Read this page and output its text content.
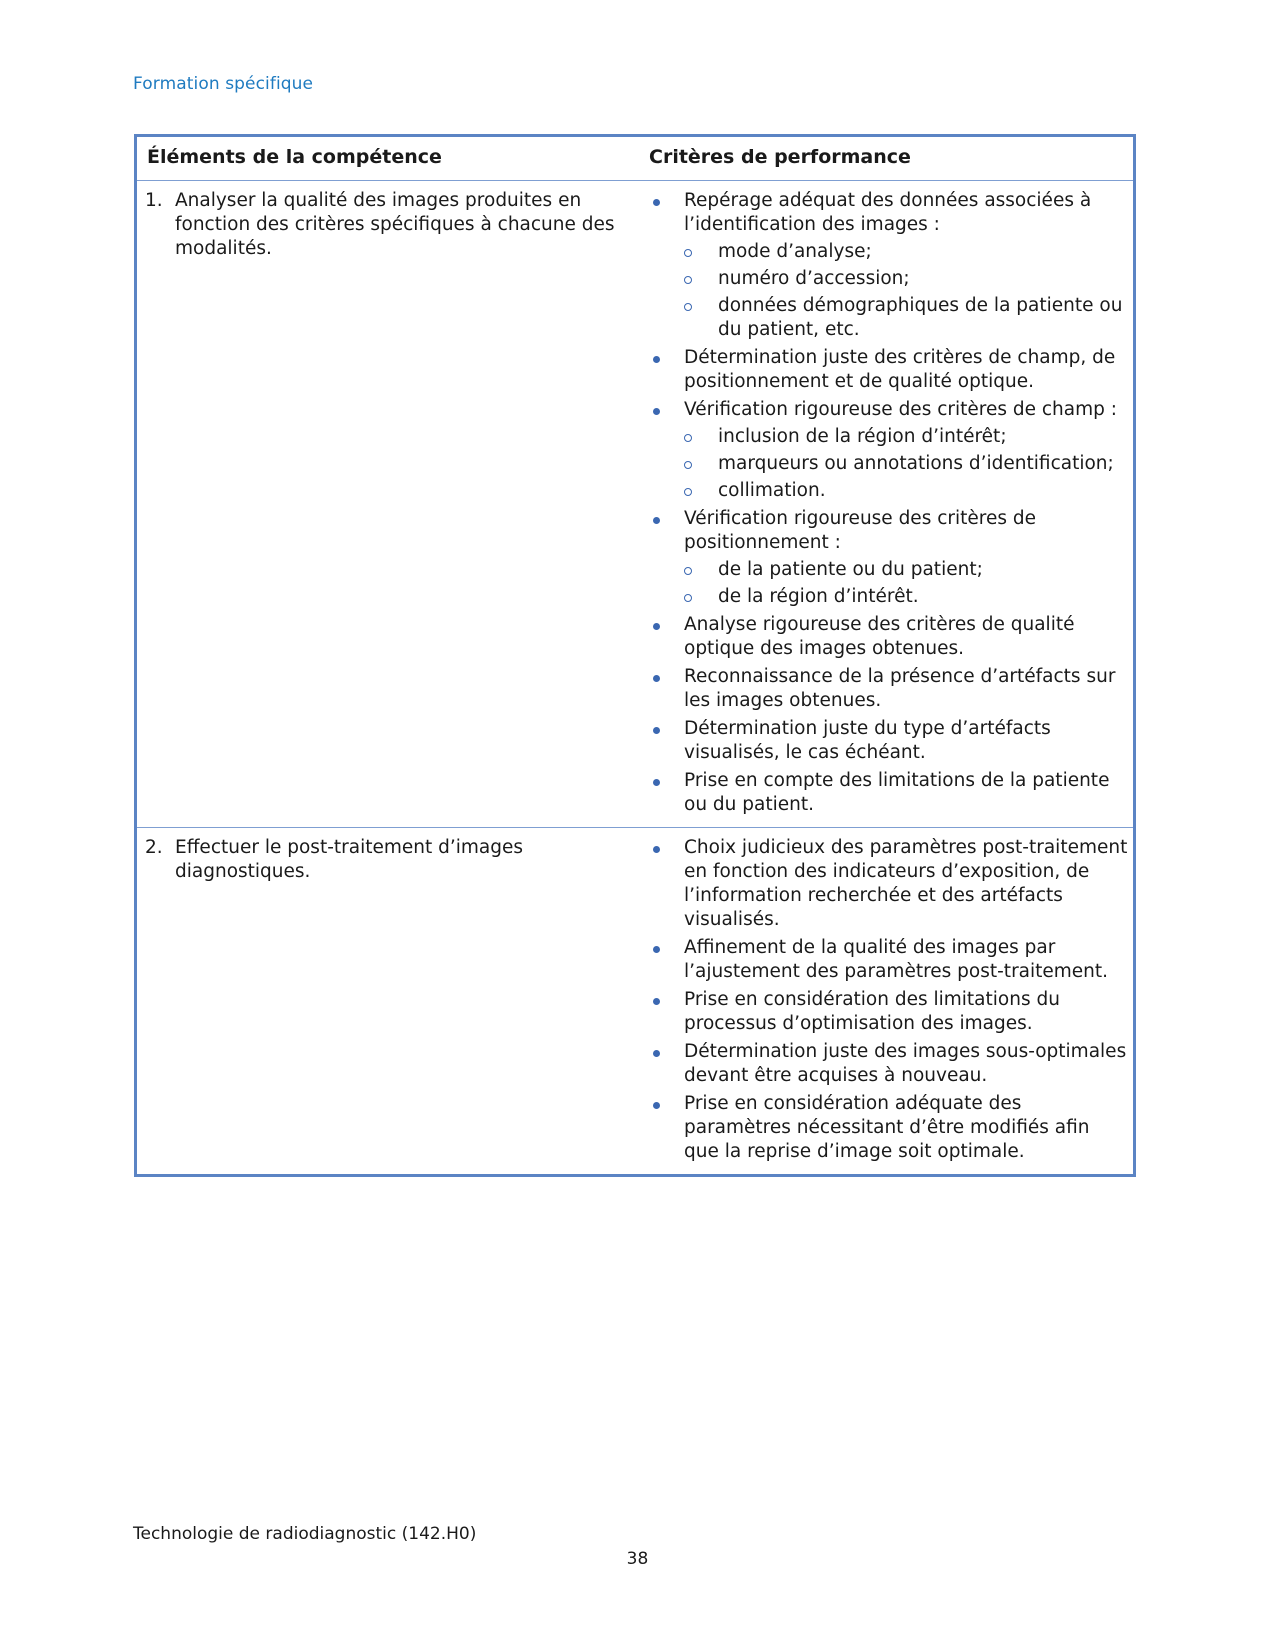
Formation spécifique
Éléments de la compétence	Critères de performance
1. Analyser la qualité des images produites en fonction des critères spécifiques à chacune des modalités.
Repérage adéquat des données associées à l’identification des images :
mode d’analyse;
numéro d’accession;
données démographiques de la patiente ou du patient, etc.
Détermination juste des critères de champ, de positionnement et de qualité optique.
Vérification rigoureuse des critères de champ :
inclusion de la région d’intérêt;
marqueurs ou annotations d’identification;
collimation.
Vérification rigoureuse des critères de positionnement :
de la patiente ou du patient;
de la région d’intérêt.
Analyse rigoureuse des critères de qualité optique des images obtenues.
Reconnaissance de la présence d’artéfacts sur les images obtenues.
Détermination juste du type d’artéfacts visualisés, le cas échéant.
Prise en compte des limitations de la patiente ou du patient.
2. Effectuer le post-traitement d’images diagnostiques.
Choix judicieux des paramètres post-traitement en fonction des indicateurs d’exposition, de l’information recherchée et des artéfacts visualisés.
Affinement de la qualité des images par l’ajustement des paramètres post-traitement.
Prise en considération des limitations du processus d’optimisation des images.
Détermination juste des images sous-optimales devant être acquises à nouveau.
Prise en considération adéquate des paramètres nécessitant d’être modifiés afin que la reprise d’image soit optimale.
Technologie de radiodiagnostic (142.H0)
38
